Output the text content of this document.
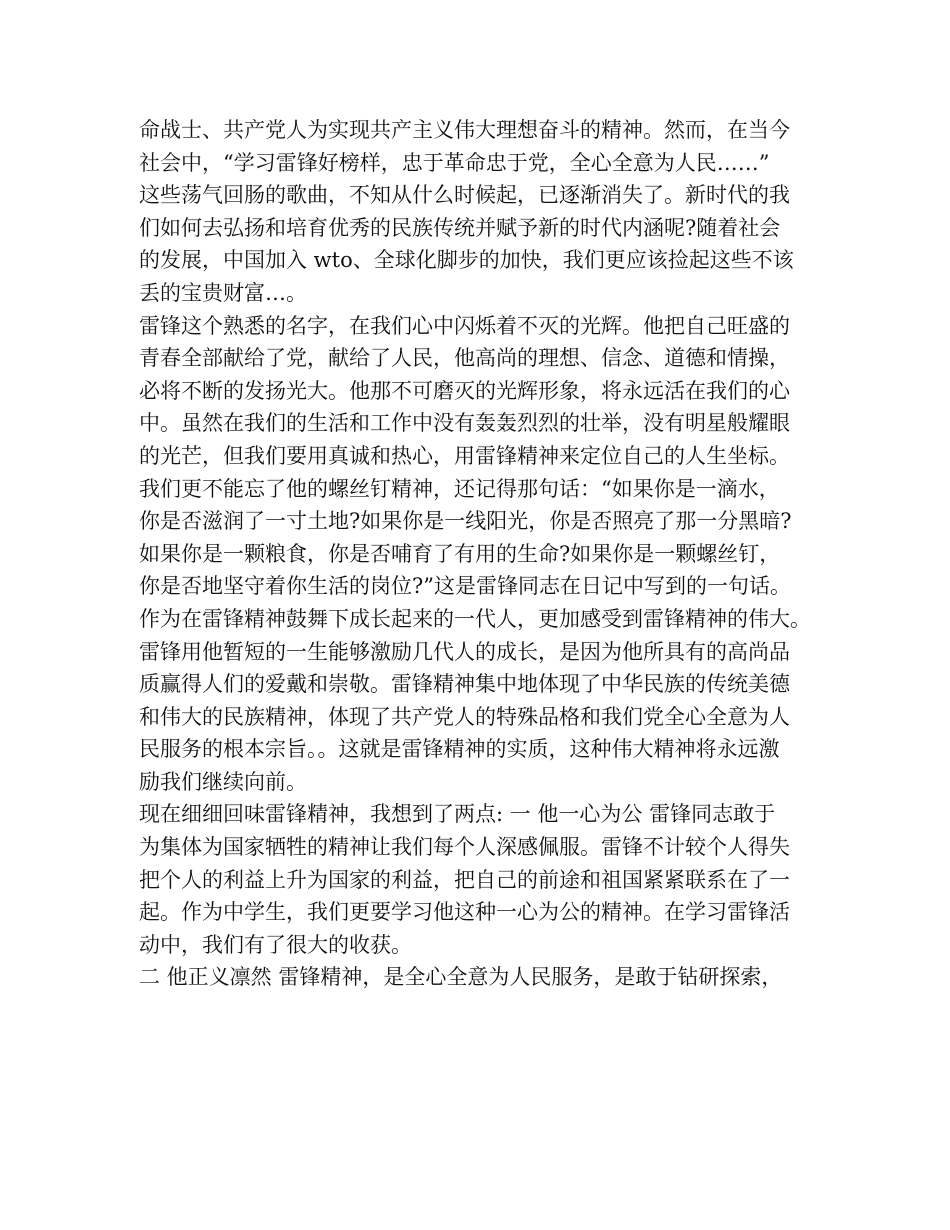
命战士、共产党人为实现共产主义伟大理想奋斗的精神。然而，在当今
社会中，“学习雷锋好榜样，忠于革命忠于党，全心全意为人民……”
这些荡气回肠的歌曲，不知从什么时候起，已逐渐消失了。新时代的我
们如何去弘扬和培育优秀的民族传统并赋予新的时代内涵呢?随着社会
的发展，中国加入 wto、全球化脚步的加快，我们更应该捡起这些不该
丢的宝贵财富…。
雷锋这个熟悉的名字，在我们心中闪烁着不灭的光辉。他把自己旺盛的
青春全部献给了党，献给了人民，他高尚的理想、信念、道德和情操，
必将不断的发扬光大。他那不可磨灭的光辉形象，将永远活在我们的心
中。虽然在我们的生活和工作中没有轰轰烈烈的壮举，没有明星般耀眼
的光芒，但我们要用真诚和热心，用雷锋精神来定位自己的人生坐标。
我们更不能忘了他的螺丝钉精神，还记得那句话：“如果你是一滴水，
你是否滋润了一寸土地?如果你是一线阳光，你是否照亮了那一分黑暗?
如果你是一颗粮食，你是否哺育了有用的生命?如果你是一颗螺丝钉，
你是否地坚守着你生活的岗位?”这是雷锋同志在日记中写到的一句话。
作为在雷锋精神鼓舞下成长起来的一代人，更加感受到雷锋精神的伟大。
雷锋用他暂短的一生能够激励几代人的成长，是因为他所具有的高尚品
质赢得人们的爱戴和崇敬。雷锋精神集中地体现了中华民族的传统美德
和伟大的民族精神，体现了共产党人的特殊品格和我们党全心全意为人
民服务的根本宗旨。。这就是雷锋精神的实质，这种伟大精神将永远激
励我们继续向前。
现在细细回味雷锋精神，我想到了两点: 一 他一心为公 雷锋同志敢于
为集体为国家牺牲的精神让我们每个人深感佩服。雷锋不计较个人得失
把个人的利益上升为国家的利益，把自己的前途和祖国紧紧联系在了一
起。作为中学生，我们更要学习他这种一心为公的精神。在学习雷锋活
动中，我们有了很大的收获。
二 他正义凛然 雷锋精神，是全心全意为人民服务，是敢于钻研探索，
